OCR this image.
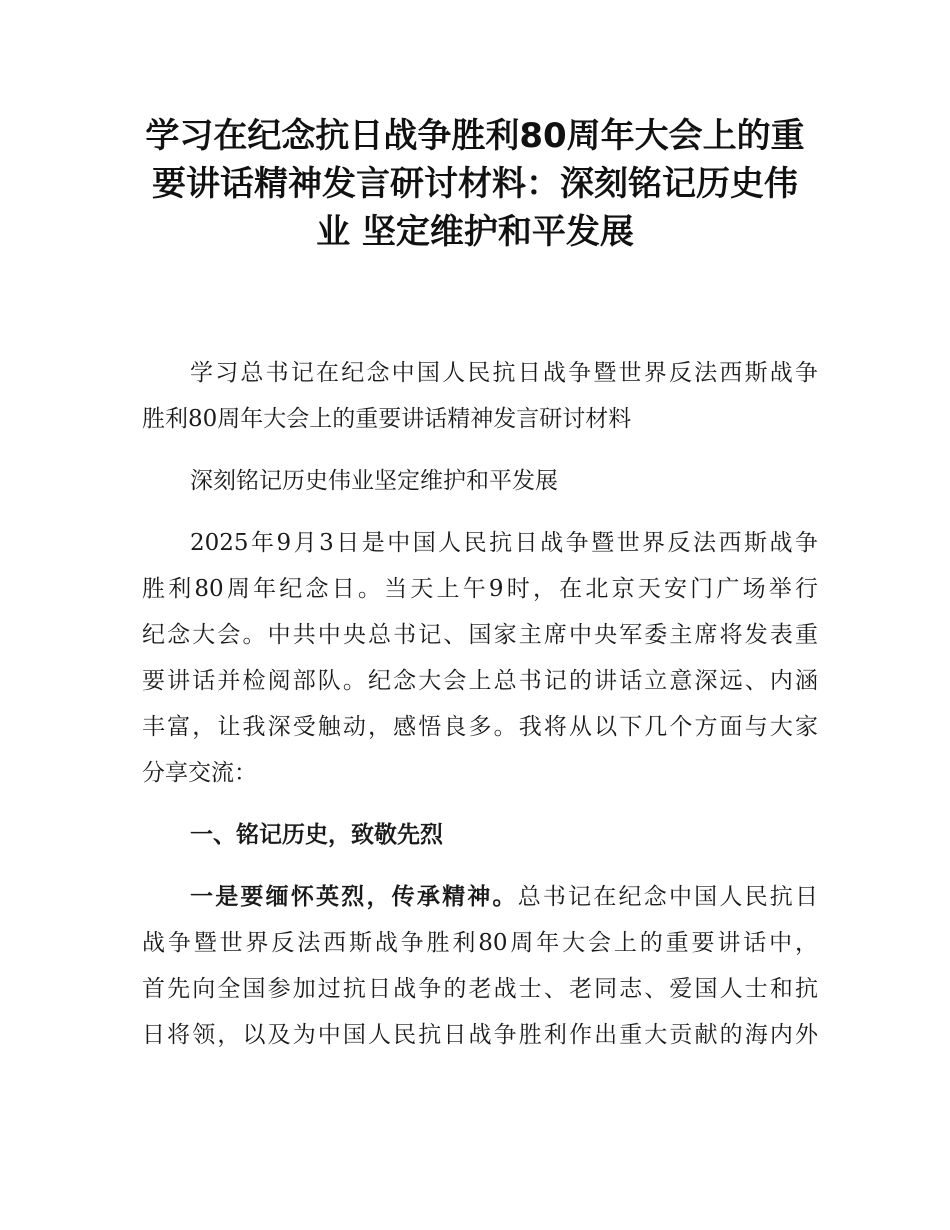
学习在纪念抗日战争胜利80周年大会上的重
要讲话精神发言研讨材料：深刻铭记历史伟
业 坚定维护和平发展

学习总书记在纪念中国人民抗日战争暨世界反法西斯战争
胜利80周年大会上的重要讲话精神发言研讨材料

深刻铭记历史伟业坚定维护和平发展

2025年9月3日是中国人民抗日战争暨世界反法西斯战争
胜利80周年纪念日。当天上午9时，在北京天安门广场举行
纪念大会。中共中央总书记、国家主席中央军委主席将发表重
要讲话并检阅部队。纪念大会上总书记的讲话立意深远、内涵
丰富，让我深受触动，感悟良多。我将从以下几个方面与大家
分享交流：

一、铭记历史，致敬先烈

一是要缅怀英烈，传承精神。总书记在纪念中国人民抗日
战争暨世界反法西斯战争胜利80周年大会上的重要讲话中，
首先向全国参加过抗日战争的老战士、老同志、爱国人士和抗
日将领，以及为中国人民抗日战争胜利作出重大贡献的海内外
